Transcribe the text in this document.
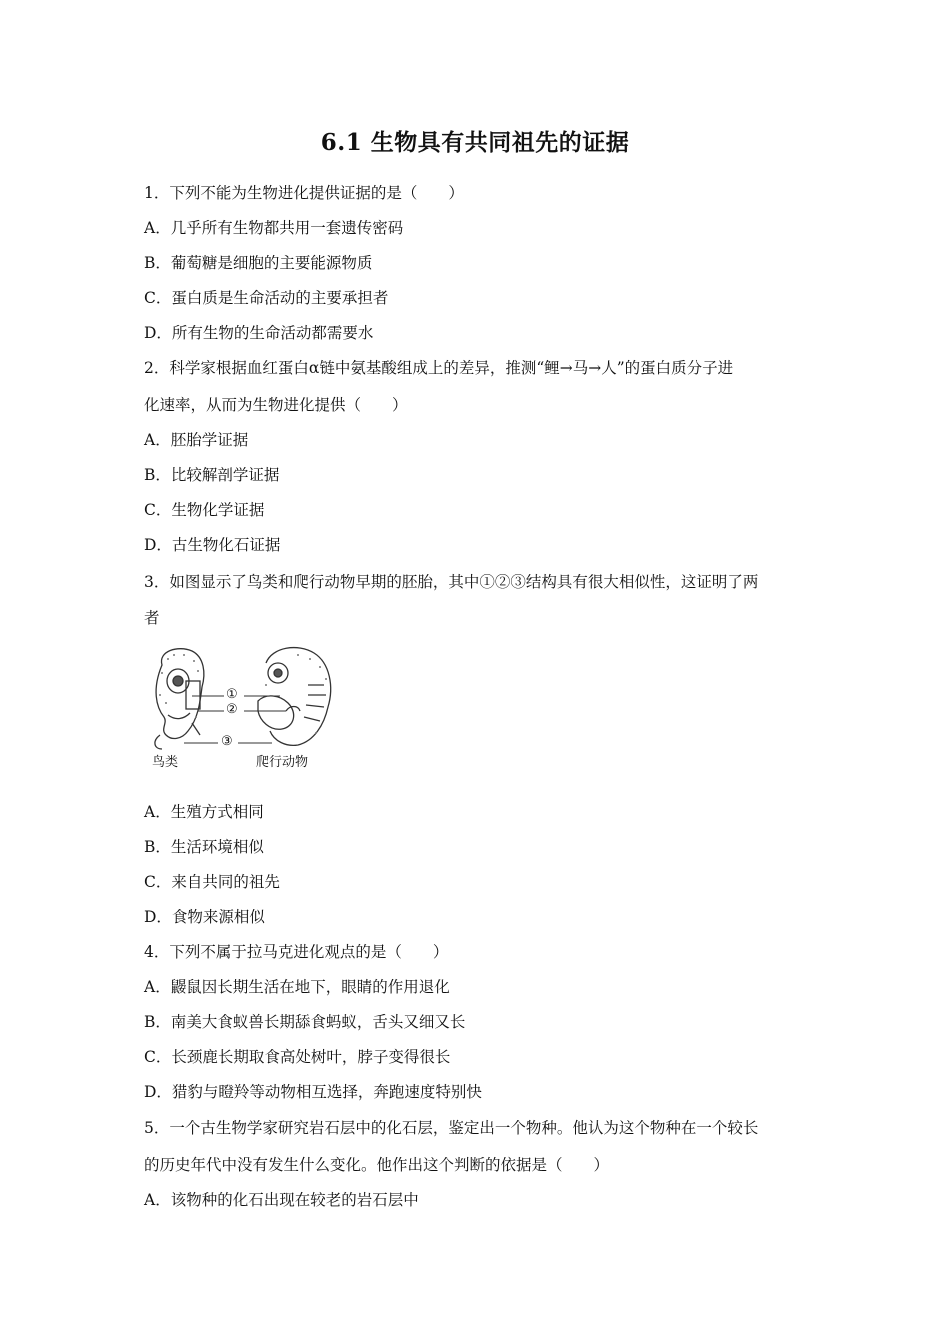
6.1 生物具有共同祖先的证据
1．下列不能为生物进化提供证据的是（　　）
A．几乎所有生物都共用一套遗传密码
B．葡萄糖是细胞的主要能源物质
C．蛋白质是生命活动的主要承担者
D．所有生物的生命活动都需要水
2．科学家根据血红蛋白α链中氨基酸组成上的差异，推测“鲤→马→人”的蛋白质分子进
化速率，从而为生物进化提供（　　）
A．胚胎学证据
B．比较解剖学证据
C．生物化学证据
D．古生物化石证据
3．如图显示了鸟类和爬行动物早期的胚胎，其中①②③结构具有很大相似性，这证明了两
者
①
②
③
鸟类	爬行动物
A．生殖方式相同
B．生活环境相似
C．来自共同的祖先
D．食物来源相似
4．下列不属于拉马克进化观点的是（　　）
A．鼹鼠因长期生活在地下，眼睛的作用退化
B．南美大食蚁兽长期舔食蚂蚁，舌头又细又长
C．长颈鹿长期取食高处树叶，脖子变得很长
D．猎豹与瞪羚等动物相互选择，奔跑速度特别快
5．一个古生物学家研究岩石层中的化石层，鉴定出一个物种。他认为这个物种在一个较长
的历史年代中没有发生什么变化。他作出这个判断的依据是（　　）
A．该物种的化石出现在较老的岩石层中
